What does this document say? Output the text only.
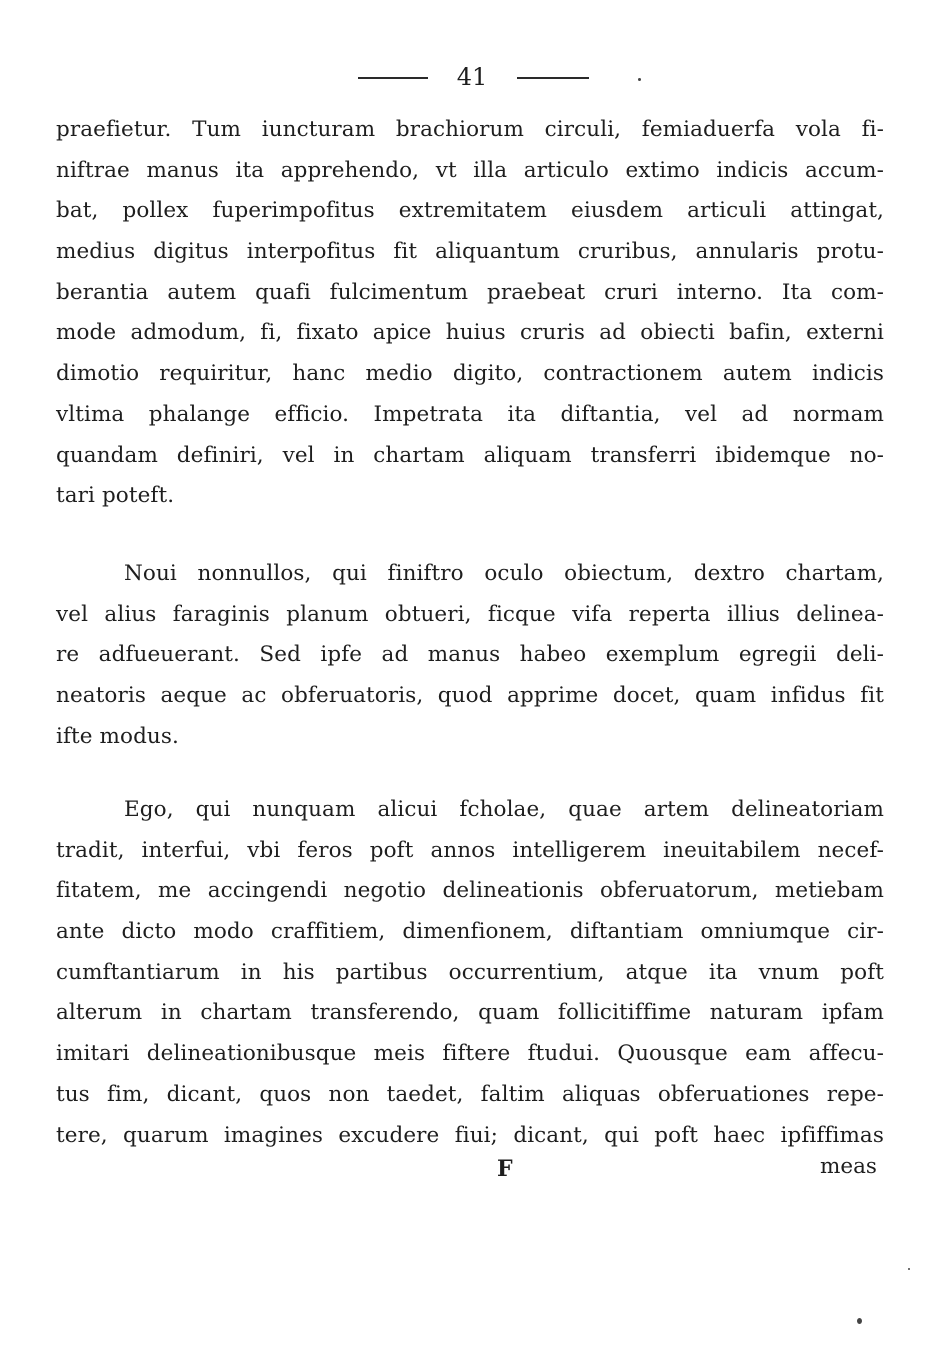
41
praefietur. Tum iuncturam brachiorum circuli, femiaduerfa vola fi-
niftrae manus ita apprehendo, vt illa articulo extimo indicis accum-
bat, pollex fuperimpofitus extremitatem eiusdem articuli attingat,
medius digitus interpofitus fit aliquantum cruribus, annularis protu-
berantia autem quafi fulcimentum praebeat cruri interno. Ita com-
mode admodum, fi, fixato apice huius cruris ad obiecti bafin, externi
dimotio requiritur, hanc medio digito, contractionem autem indicis
vltima phalange efficio. Impetrata ita diftantia, vel ad normam
quandam definiri, vel in chartam aliquam transferri ibidemque no-
tari poteft.
Noui nonnullos, qui finiftro oculo obiectum, dextro chartam,
vel alius faraginis planum obtueri, ficque vifa reperta illius delinea-
re adfueuerant. Sed ipfe ad manus habeo exemplum egregii deli-
neatoris aeque ac obferuatoris, quod apprime docet, quam infidus fit
ifte modus.
Ego, qui nunquam alicui fcholae, quae artem delineatoriam
tradit, interfui, vbi feros poft annos intelligerem ineuitabilem necef-
fitatem, me accingendi negotio delineationis obferuatorum, metiebam
ante dicto modo craffitiem, dimenfionem, diftantiam omniumque cir-
cumftantiarum in his partibus occurrentium, atque ita vnum poft
alterum in chartam transferendo, quam follicitiffime naturam ipfam
imitari delineationibusque meis fiftere ftudui. Quousque eam affecu-
tus fim, dicant, quos non taedet, faltim aliquas obferuationes repe-
tere, quarum imagines excudere fiui; dicant, qui poft haec ipfiffimas
F	meas
